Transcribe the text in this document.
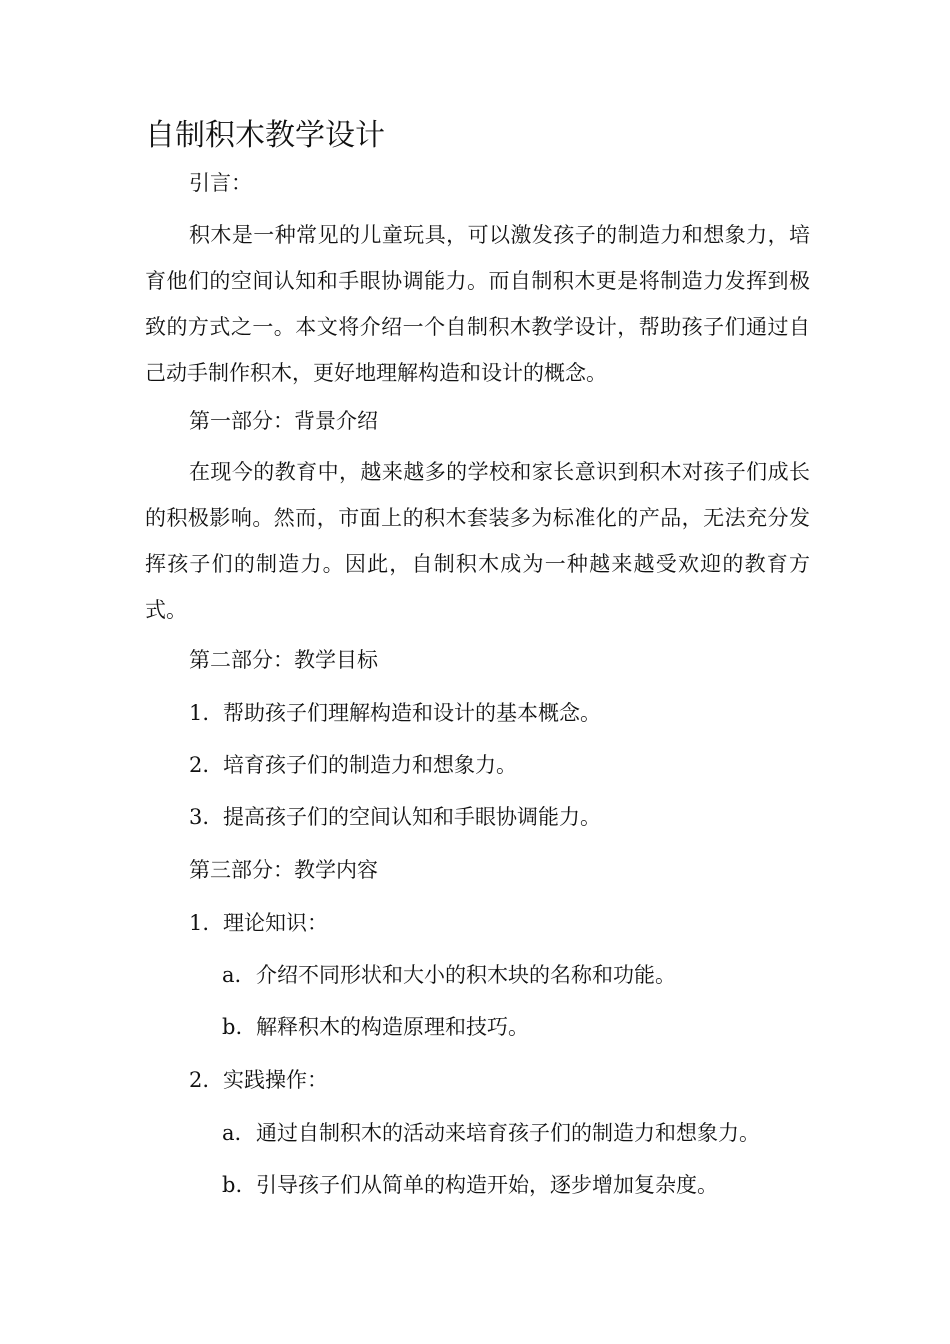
自制积木教学设计

引言：

积木是一种常见的儿童玩具，可以激发孩子的制造力和想象力，培育他们的空间认知和手眼协调能力。而自制积木更是将制造力发挥到极致的方式之一。本文将介绍一个自制积木教学设计，帮助孩子们通过自己动手制作积木，更好地理解构造和设计的概念。

第一部分：背景介绍

在现今的教育中，越来越多的学校和家长意识到积木对孩子们成长的积极影响。然而，市面上的积木套装多为标准化的产品，无法充分发挥孩子们的制造力。因此，自制积木成为一种越来越受欢迎的教育方式。

第二部分：教学目标

1. 帮助孩子们理解构造和设计的基本概念。

2. 培育孩子们的制造力和想象力。

3. 提高孩子们的空间认知和手眼协调能力。

第三部分：教学内容

1. 理论知识：

a. 介绍不同形状和大小的积木块的名称和功能。

b. 解释积木的构造原理和技巧。

2. 实践操作：

a. 通过自制积木的活动来培育孩子们的制造力和想象力。

b. 引导孩子们从简单的构造开始，逐步增加复杂度。
